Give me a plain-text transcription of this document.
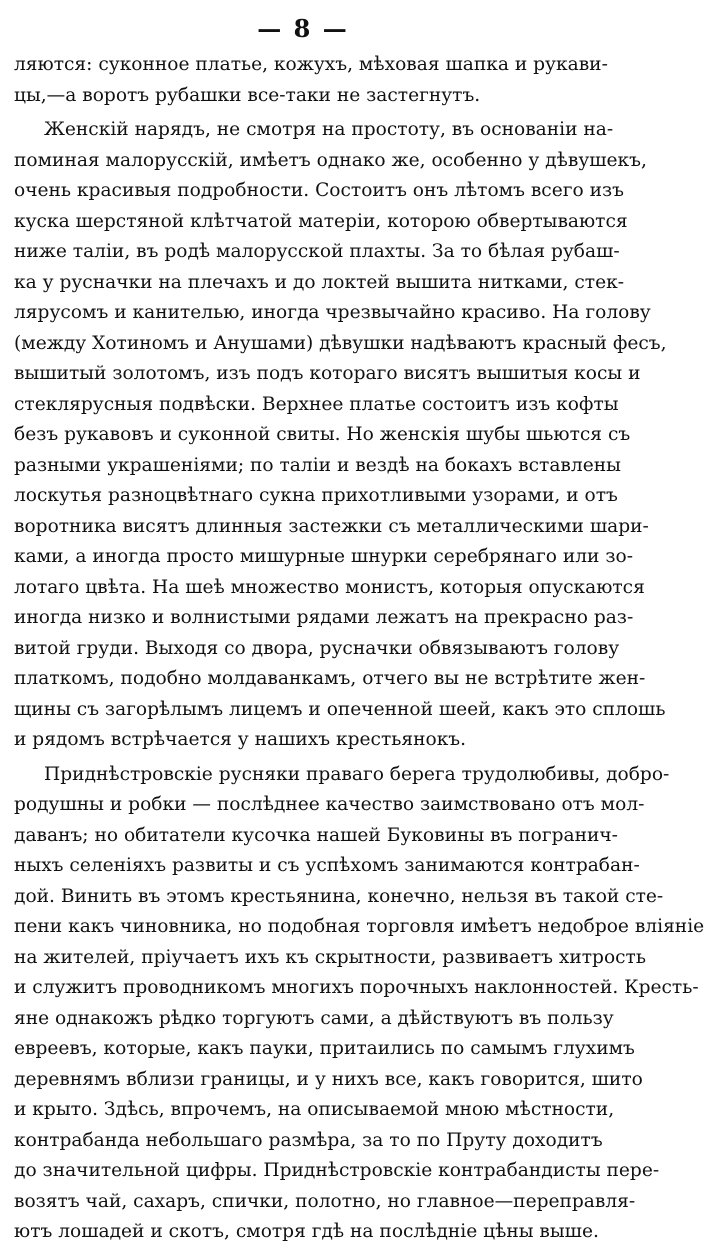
— 8 —
ляются: суконное платье, кожухъ, мѣховая шапка и рукави-
цы,—а воротъ рубашки все-таки не застегнутъ.
Женскій нарядъ, не смотря на простоту, въ основаніи на-
поминая малорусскій, имѣетъ однако же, особенно у дѣвушекъ,
очень красивыя подробности. Состоитъ онъ лѣтомъ всего изъ
куска шерстяной клѣтчатой матеріи, которою обвертываются
ниже таліи, въ родѣ малорусской плахты. За то бѣлая рубаш-
ка у русначки на плечахъ и до локтей вышита нитками, стек-
ляруcомъ и канителью, иногда чрезвычайно красиво. На голову
(между Хотиномъ и Анушами) дѣвушки надѣваютъ красный фесъ,
вышитый золотомъ, изъ подъ котораго висятъ вышитыя косы и
стеклярусныя подвѣски. Верхнее платье состоитъ изъ кофты
безъ рукавовъ и суконной свиты. Но женскія шубы шьются съ
разными украшеніями; по таліи и вездѣ на бокахъ вставлены
лоскутья разноцвѣтнаго сукна прихотливыми узорами, и отъ
воротника висятъ длинныя застежки съ металлическими шари-
ками, а иногда просто мишурные шнурки серебрянаго или зо-
лотаго цвѣта. На шеѣ множество монистъ, которыя опускаются
иногда низко и волнистыми рядами лежатъ на прекрасно раз-
витой груди. Выходя со двора, русначки обвязываютъ голову
платкомъ, подобно молдаванкамъ, отчего вы не встрѣтите жен-
щины съ загорѣлымъ лицемъ и опеченной шеей, какъ это сплошь
и рядомъ встрѣчается у нашихъ крестьянокъ.
Приднѣстровскіе русняки праваго берега трудолюбивы, добро-
родушны и робки — послѣднее качество заимствовано отъ мол-
даванъ; но обитатели кусочка нашей Буковины въ погранич-
ныхъ селеніяхъ развиты и съ успѣхомъ занимаются контрабан-
дой. Винить въ этомъ крестьянина, конечно, нельзя въ такой сте-
пени какъ чиновника, но подобная торговля имѣетъ недоброе вліяніе
на жителей, пріучаетъ ихъ къ скрытности, развиваетъ хитрость
и служитъ проводникомъ многихъ порочныхъ наклонностей. Кресть-
яне однакожъ рѣдко торгуютъ сами, а дѣйствуютъ въ пользу
евреевъ, которые, какъ пауки, притаились по самымъ глухимъ
деревнямъ вблизи границы, и у нихъ все, какъ говорится, шито
и крыто. Здѣсь, впрочемъ, на описываемой мною мѣстности,
контрабанда небольшаго размѣра, за то по Пруту доходитъ
до значительной цифры. Приднѣстровскіе контрабандисты пере-
возятъ чай, сахаръ, спички, полотно, но главное—переправля-
ютъ лошадей и скотъ, смотря гдѣ на послѣдніе цѣны выше.
